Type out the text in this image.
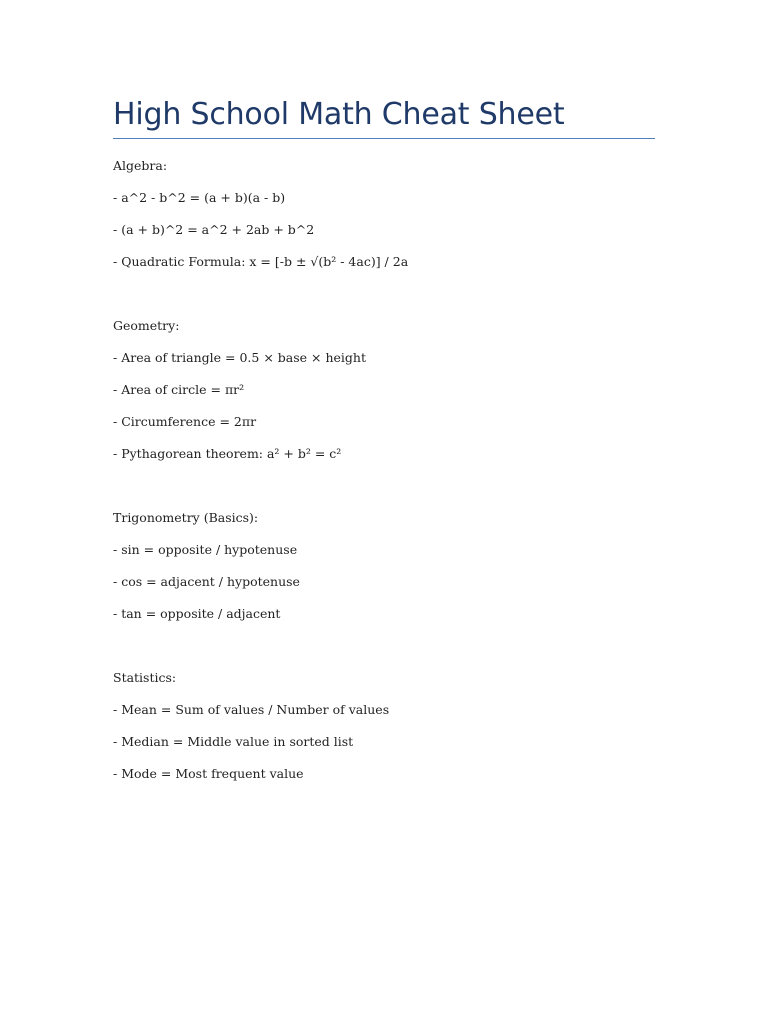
High School Math Cheat Sheet
Algebra:
- a^2 - b^2 = (a + b)(a - b)
- (a + b)^2 = a^2 + 2ab + b^2
- Quadratic Formula: x = [-b ± √(b² - 4ac)] / 2a
Geometry:
- Area of triangle = 0.5 × base × height
- Area of circle = πr²
- Circumference = 2πr
- Pythagorean theorem: a² + b² = c²
Trigonometry (Basics):
- sin = opposite / hypotenuse
- cos = adjacent / hypotenuse
- tan = opposite / adjacent
Statistics:
- Mean = Sum of values / Number of values
- Median = Middle value in sorted list
- Mode = Most frequent value
